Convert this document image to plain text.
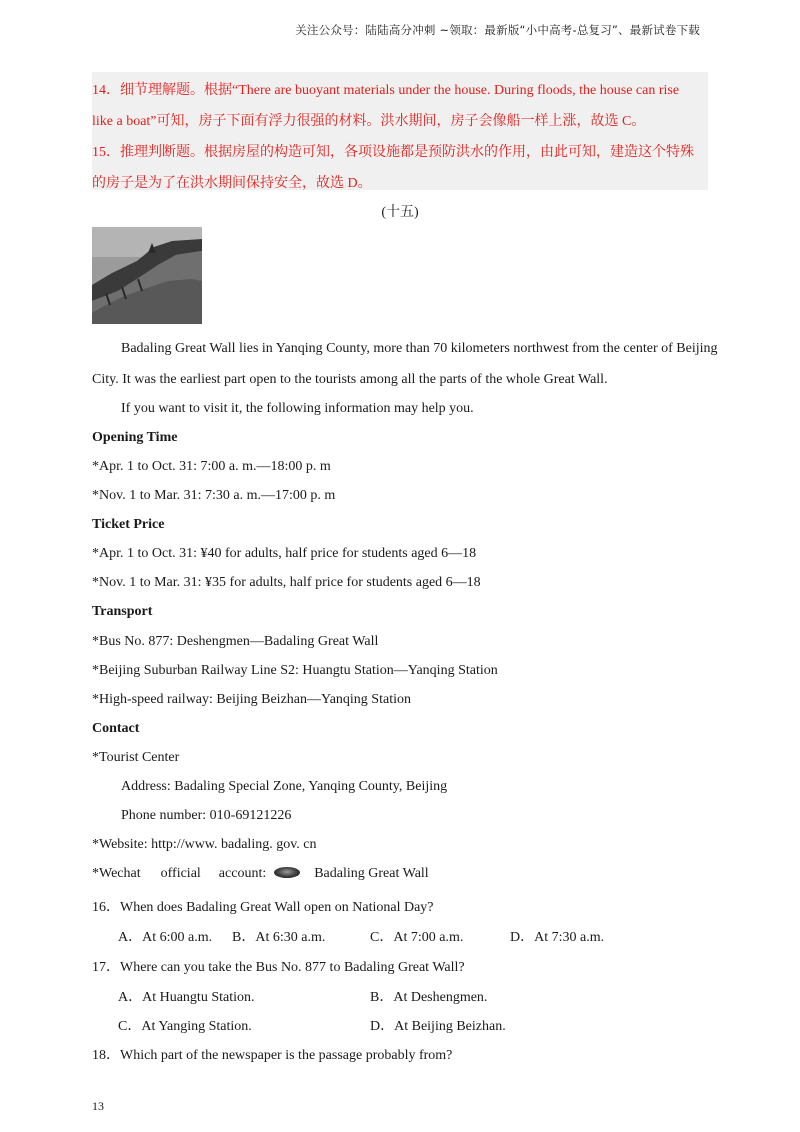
关注公众号：陆陆高分冲刺 ~领取：最新版“小中高考-总复习”、最新试卷下载
14．细节理解题。根据“There are buoyant materials under the house. During floods, the house can rise
like a boat”可知，房子下面有浮力很强的材料。洪水期间，房子会像船一样上涨，故选 C。
15．推理判断题。根据房屋的构造可知，各项设施都是预防洪水的作用，由此可知，建造这个特殊
的房子是为了在洪水期间保持安全，故选 D。
(十五)
Badaling Great Wall lies in Yanqing County, more than 70 kilometers northwest from the center of Beijing
City. It was the earliest part open to the tourists among all the parts of the whole Great Wall.
If you want to visit it, the following information may help you.
Opening Time
*Apr. 1 to Oct. 31: 7:00 a. m.—18:00 p. m
*Nov. 1 to Mar. 31: 7:30 a. m.—17:00 p. m
Ticket Price
*Apr. 1 to Oct. 31: ¥40 for adults, half price for students aged 6—18
*Nov. 1 to Mar. 31: ¥35 for adults, half price for students aged 6—18
Transport
*Bus No. 877: Deshengmen—Badaling Great Wall
*Beijing Suburban Railway Line S2: Huangtu Station—Yanqing Station
*High-speed railway: Beijing Beizhan—Yanqing Station
Contact
*Tourist Center
Address: Badaling Special Zone, Yanqing County, Beijing
Phone number: 010-69121226
*Website: http://www. badaling. gov. cn
*Wechat official account:	Badaling Great Wall
16．When does Badaling Great Wall open on National Day?
A．At 6:00 a.m. B．At 6:30 a.m.	C．At 7:00 a.m.	D．At 7:30 a.m.
17．Where can you take the Bus No. 877 to Badaling Great Wall?
A．At Huangtu Station.	B．At Deshengmen.
C．At Yanging Station.	D．At Beijing Beizhan.
18．Which part of the newspaper is the passage probably from?
13
